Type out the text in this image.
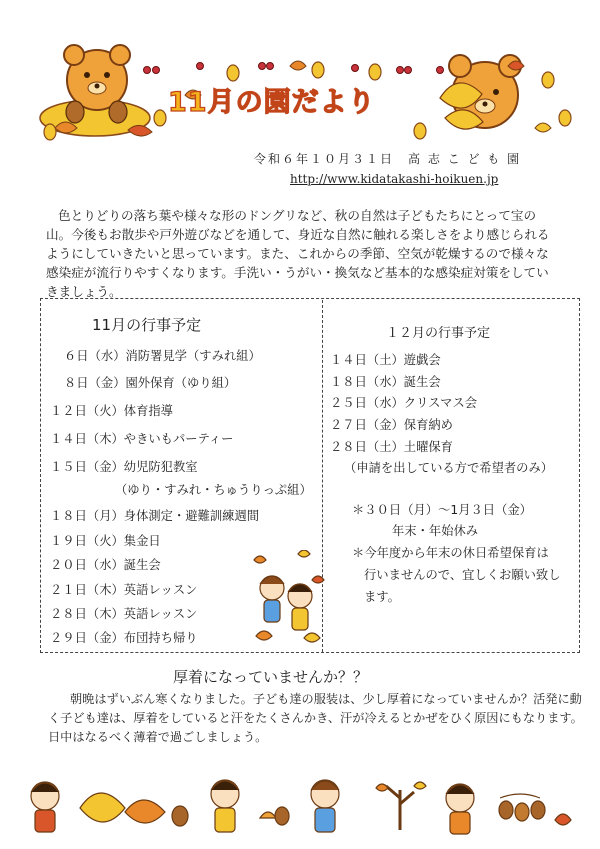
11月の園だより
令和６年１０月３１日　高 志 こ ど も 園
http://www.kidatakashi-hoikuen.jp
色とりどりの落ち葉や様々な形のドングリなど、秋の自然は子どもたちにとって宝の山。今後もお散歩や戸外遊びなどを通して、身近な自然に触れる楽しさをより感じられるようにしていきたいと思っています。また、これからの季節、空気が乾燥するので様々な感染症が流行りやすくなります。手洗い・うがい・換気など基本的な感染症対策をしていきましょう。
11月の行事予定
６日（水）消防署見学（すみれ組）
８日（金）園外保育（ゆり組）
１２日（火）体育指導
１４日（木）やきいもパーティー
１５日（金）幼児防犯教室
（ゆり・すみれ・ちゅうりっぷ組）
１８日（月）身体測定・避難訓練週間
１９日（火）集金日
２０日（水）誕生会
２１日（木）英語レッスン
２８日（木）英語レッスン
２９日（金）布団持ち帰り
１２月の行事予定
１４日（土）遊戯会
１８日（水）誕生会
２５日（水）クリスマス会
２７日（金）保育納め
２８日（土）土曜保育
（申請を出している方で希望者のみ）
＊３０日（月）～1月３日（金）
年末・年始休み
＊今年度から年末の休日希望保育は
行いませんので、宜しくお願い致し
ます。
厚着になっていませんか？？
朝晩はずいぶん寒くなりました。子ども達の服装は、少し厚着になっていませんか？活発に動く子ども達は、厚着をしていると汗をたくさんかき、汗が冷えるとかぜをひく原因にもなります。日中はなるべく薄着で過ごしましょう。
